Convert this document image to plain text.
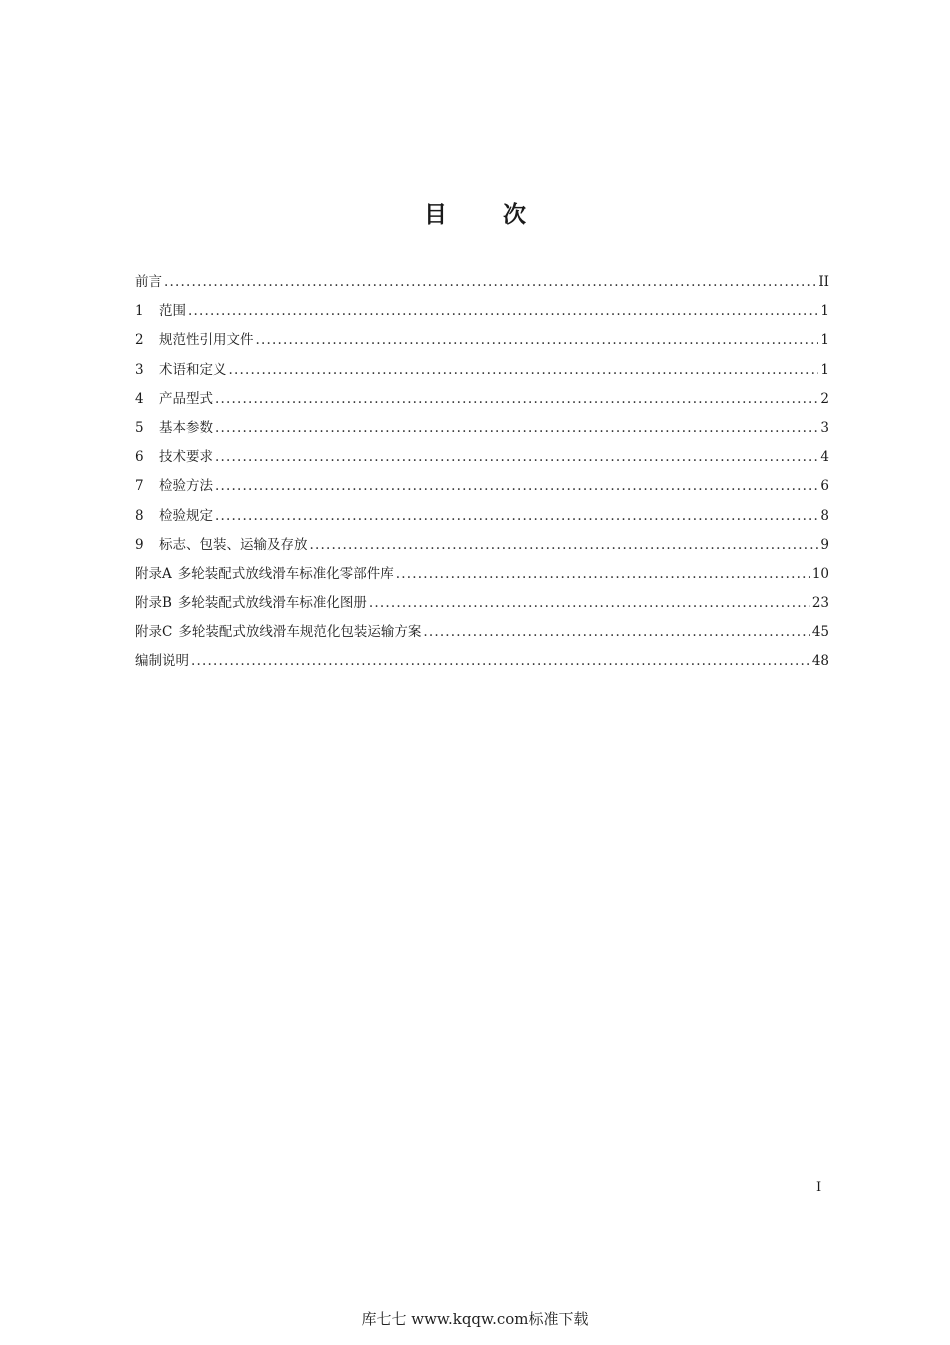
目 次
前言 .....	II
1	范围 .....	1
2	规范性引用文件 .....	1
3	术语和定义 .....	1
4	产品型式 .....	2
5	基本参数 .....	3
6	技术要求 .....	4
7	检验方法 .....	6
8	检验规定 .....	8
9	标志、包装、运输及存放 .....	9
附录A 多轮装配式放线滑车标准化零部件库 .....	10
附录B 多轮装配式放线滑车标准化图册 .....	23
附录C 多轮装配式放线滑车规范化包装运输方案 .....	45
编制说明 .....	48
I
库七七 www.kqqw.com标准下载
